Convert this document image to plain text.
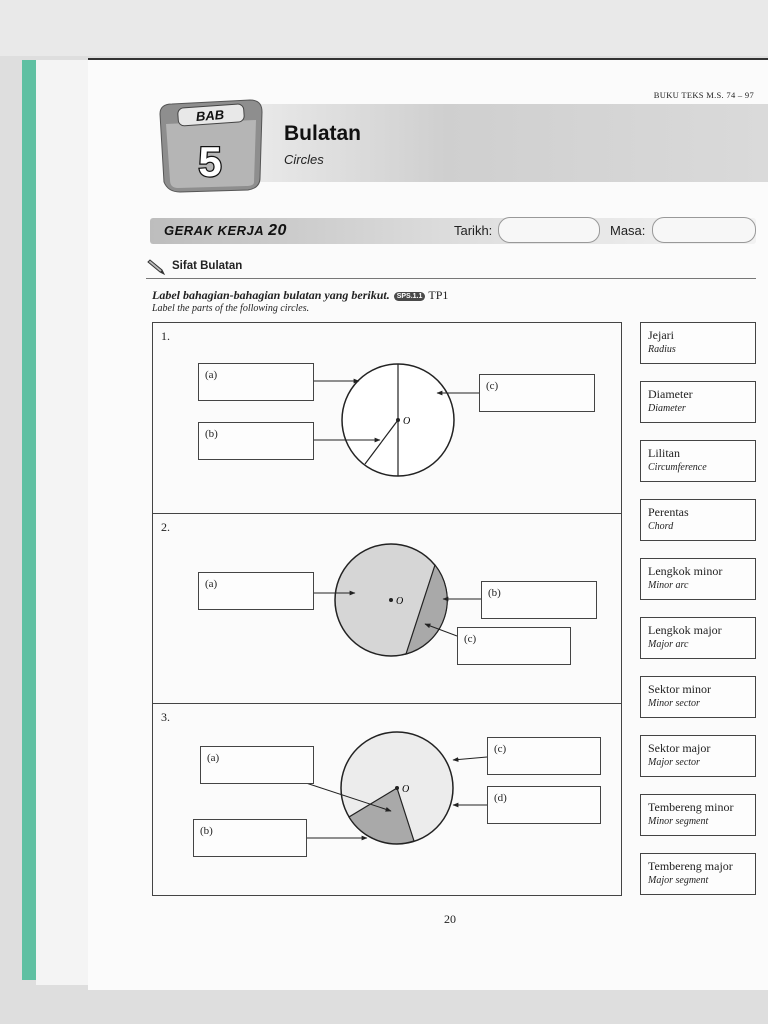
BUKU TEKS M.S. 74 – 97
BAB
5
Bulatan
Circles
GERAK KERJA 20	Tarikh:	Masa:
Sifat Bulatan
Label bahagian-bahagian bulatan yang berikut. SPS.1.1 TP1
Label the parts of the following circles.
1.
O
(a)
(b)
(c)
2.
O
(a)
(b)
(c)
3.
O
(a)
(b)
(c)
(d)
Jejari
Radius
Diameter
Diameter
Lilitan
Circumference
Perentas
Chord
Lengkok minor
Minor arc
Lengkok major
Major arc
Sektor minor
Minor sector
Sektor major
Major sector
Tembereng minor
Minor segment
Tembereng major
Major segment
20
